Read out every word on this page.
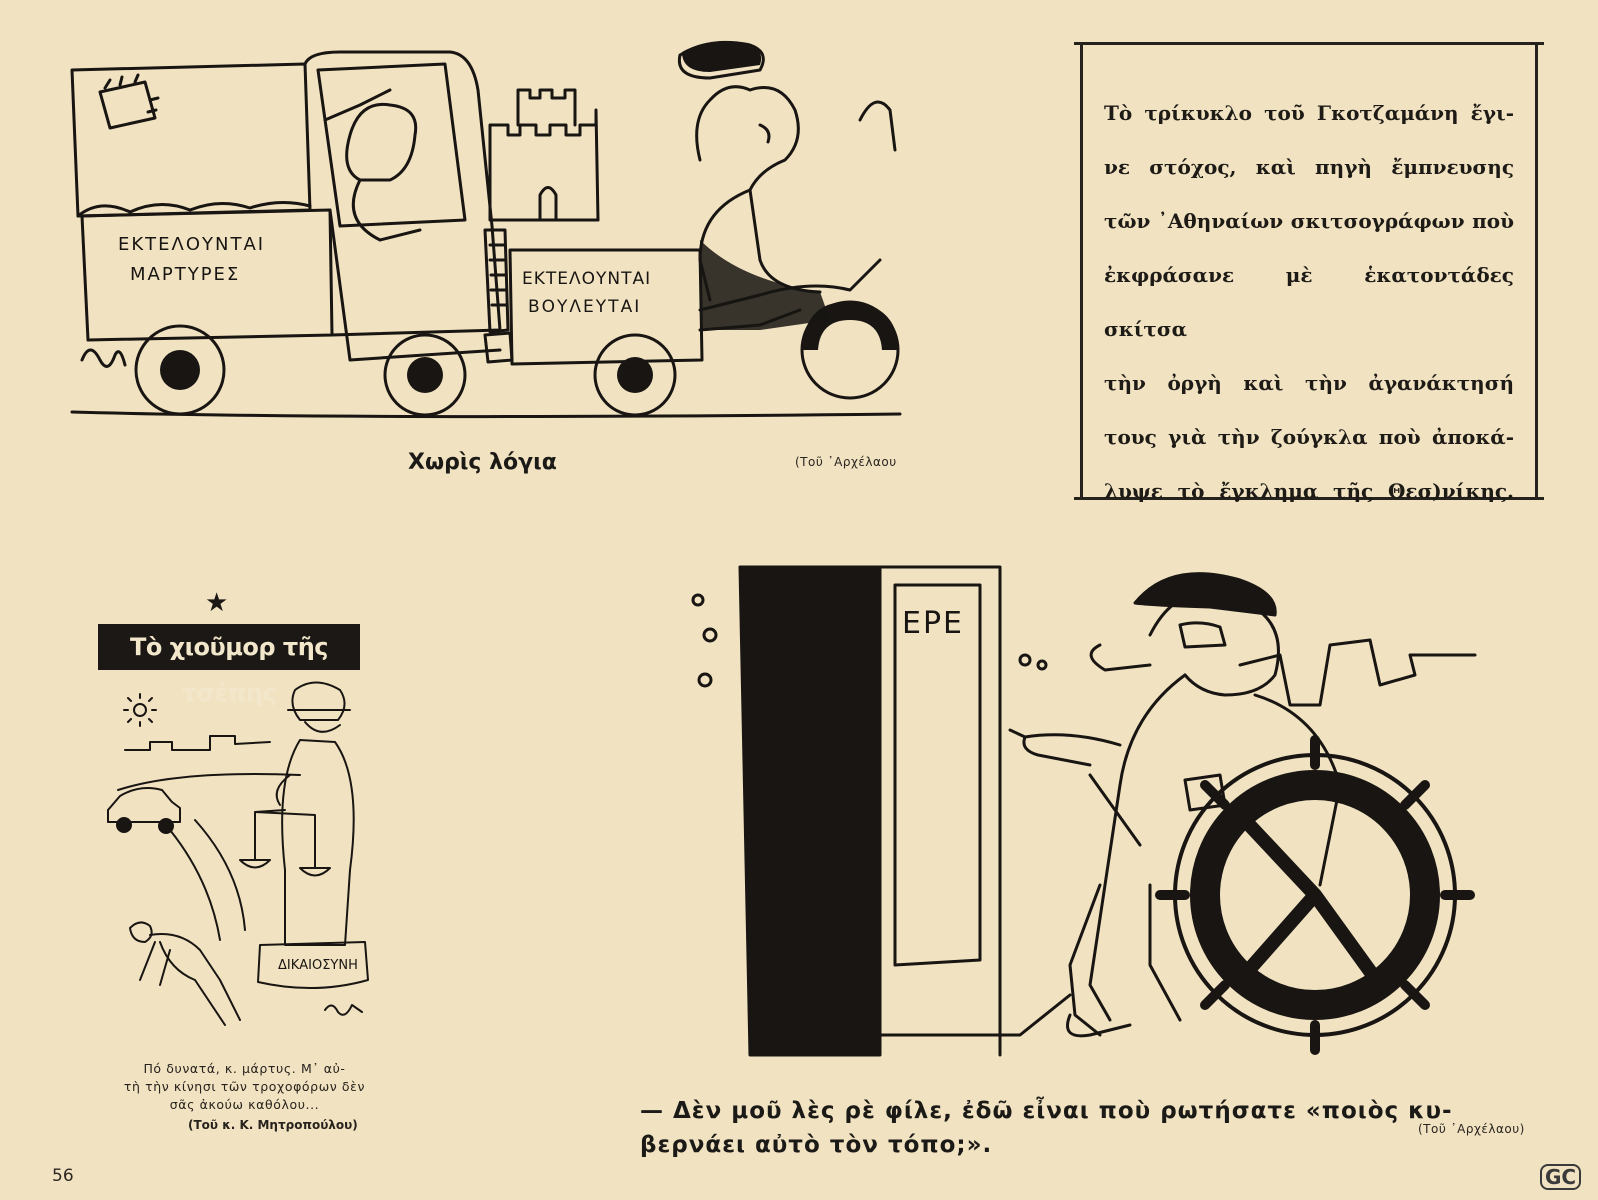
ΕΚΤΕΛΟΥΝΤΑΙ
ΜΑΡΤΥΡΕΣ	ΕΚΤΕΛΟΥΝΤΑΙ
ΒΟΥΛΕΥΤΑΙ
Χωρὶς λόγια	(Τοῦ ᾿Αρχέλαου
Τὸ τρίκυκλο τοῦ Γκοτζαμάνη ἔγι-
νε στόχος, καὶ πηγὴ ἔμπνευσης
τῶν ᾿Αθηναίων σκιτσογράφων ποὺ
ἐκφράσανε μὲ ἑκατοντάδες σκίτσα
τὴν ὀργὴ καὶ τὴν ἀγανάκτησή
τους γιὰ τὴν ζούγκλα ποὺ ἀποκά-
λυψε τὸ ἔγκλημα τῆς Θεσ)νίκης.
★
Τὸ χιοῦμορ τῆς τσέπης
ΔΙΚΑΙΟΣΥΝΗ
Πό δυνατά, κ. μάρτυς. Μ᾿ αὐ-
τὴ τὴν κίνησι τῶν τροχοφόρων δὲν
σᾶς ἀκούω καθόλου...
(Τοῦ κ. Κ. Μητροπούλου)
ΕΡΕ
— Δὲν μοῦ λὲς ρὲ φίλε, ἐδῶ εἶναι ποὺ ρωτήσατε «ποιὸς κυ-
βερνάει αὐτὸ τὸν τόπο;».
(Τοῦ ᾿Αρχέλαου)
56	GC
